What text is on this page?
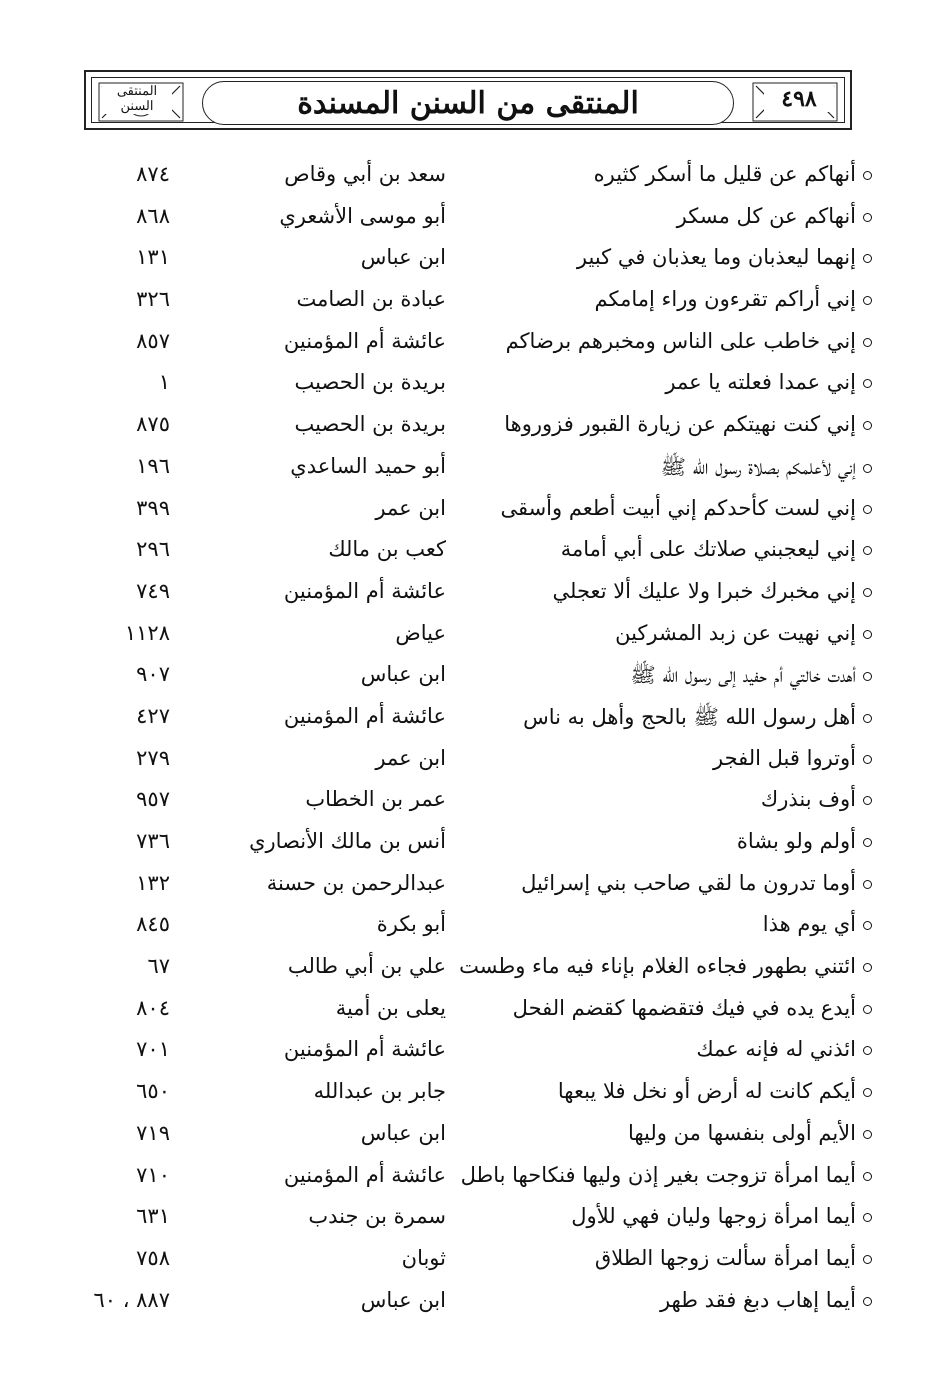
المنتقى السنن	المنتقى من السنن المسندة	٤٩٨
أنهاكم عن قليل ما أسكر كثيره
سعد بن أبي وقاص
٨٧٤
أنهاكم عن كل مسكر
أبو موسى الأشعري
٨٦٨
إنهما ليعذبان وما يعذبان في كبير
ابن عباس
١٣١
إني أراكم تقرءون وراء إمامكم
عبادة بن الصامت
٣٢٦
إني خاطب على الناس ومخبرهم برضاكم
عائشة أم المؤمنين
٨٥٧
إني عمدا فعلته يا عمر
بريدة بن الحصيب
١
إني كنت نهيتكم عن زيارة القبور فزوروها
بريدة بن الحصيب
٨٧٥
إني لأعلمكم بصلاة رسول الله ﷺ
أبو حميد الساعدي
١٩٦
إني لست كأحدكم إني أبيت أطعم وأسقى
ابن عمر
٣٩٩
إني ليعجبني صلاتك على أبي أمامة
كعب بن مالك
٢٩٦
إني مخبرك خبرا ولا عليك ألا تعجلي
عائشة أم المؤمنين
٧٤٩
إني نهيت عن زبد المشركين
عياض
١١٢٨
أهدت خالتي أم حفيد إلى رسول الله ﷺ
ابن عباس
٩٠٧
أهل رسول الله ﷺ بالحج وأهل به ناس
عائشة أم المؤمنين
٤٢٧
أوتروا قبل الفجر
ابن عمر
٢٧٩
أوف بنذرك
عمر بن الخطاب
٩٥٧
أولم ولو بشاة
أنس بن مالك الأنصاري
٧٣٦
أوما تدرون ما لقي صاحب بني إسرائيل
عبدالرحمن بن حسنة
١٣٢
أي يوم هذا
أبو بكرة
٨٤٥
ائتني بطهور فجاءه الغلام بإناء فيه ماء وطست
علي بن أبي طالب
٦٧
أيدع يده في فيك فتقضمها كقضم الفحل
يعلى بن أمية
٨٠٤
ائذني له فإنه عمك
عائشة أم المؤمنين
٧٠١
أيكم كانت له أرض أو نخل فلا يبعها
جابر بن عبدالله
٦٥٠
الأيم أولى بنفسها من وليها
ابن عباس
٧١٩
أيما امرأة تزوجت بغير إذن وليها فنكاحها باطل
عائشة أم المؤمنين
٧١٠
أيما امرأة زوجها وليان فهي للأول
سمرة بن جندب
٦٣١
أيما امرأة سألت زوجها الطلاق
ثوبان
٧٥٨
أيما إهاب دبغ فقد طهر
ابن عباس
٨٨٧ ، ٦٠
